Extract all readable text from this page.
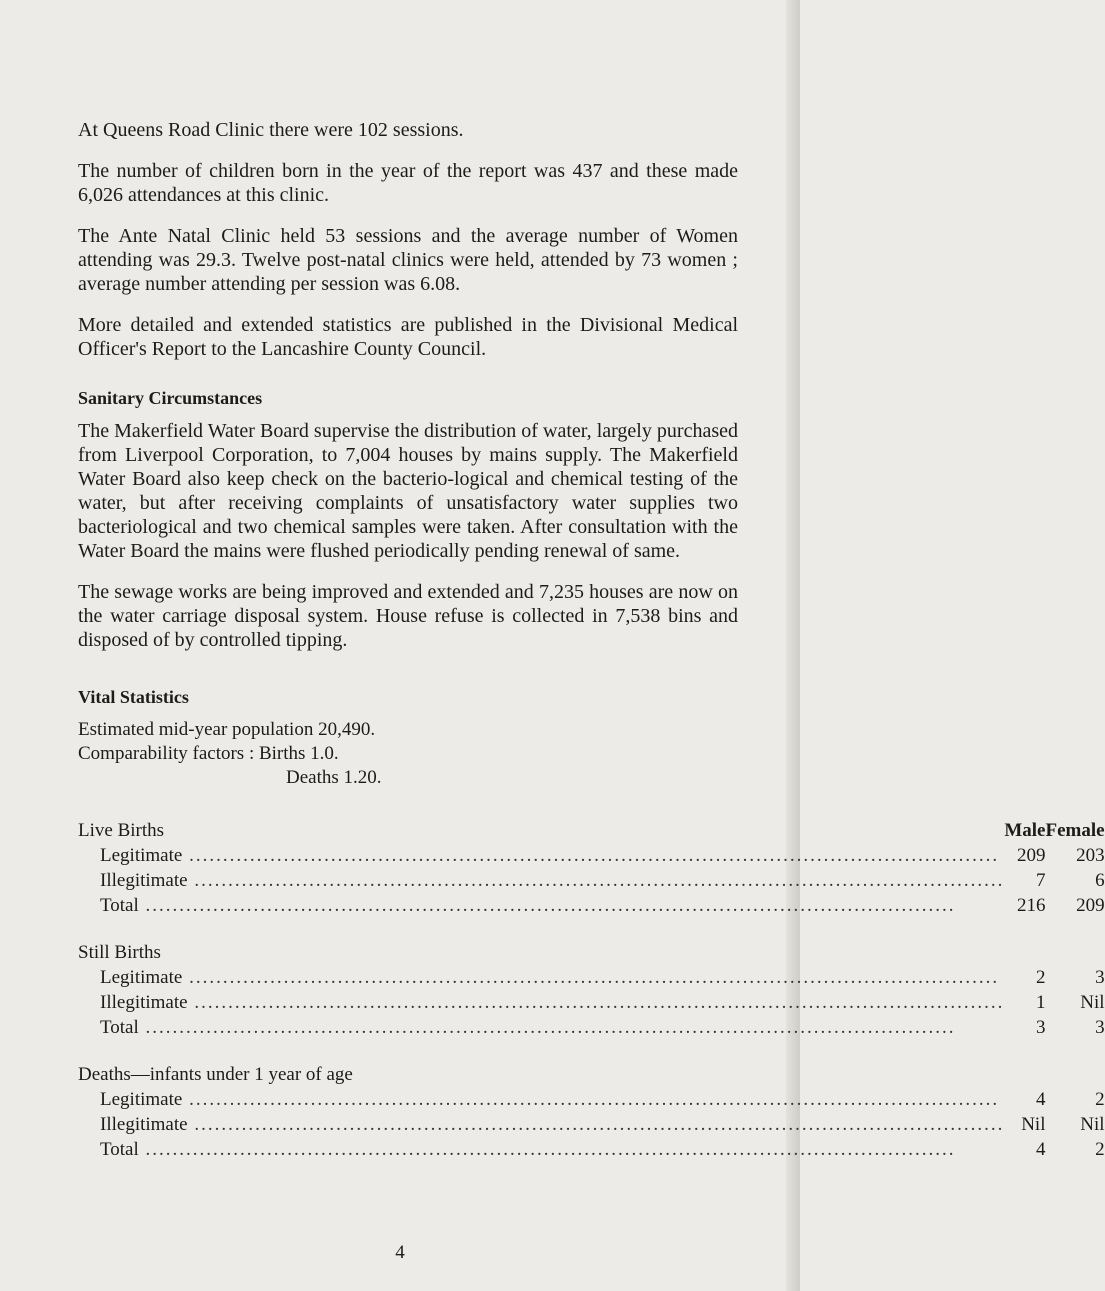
At Queens Road Clinic there were 102 sessions.

The number of children born in the year of the report was 437 and these made 6,026 attendances at this clinic.

The Ante Natal Clinic held 53 sessions and the average number of Women attending was 29.3. Twelve post-natal clinics were held, attended by 73 women ; average number attending per session was 6.08.

More detailed and extended statistics are published in the Divisional Medical Officer's Report to the Lancashire County Council.

Sanitary Circumstances

The Makerfield Water Board supervise the distribution of water, largely purchased from Liverpool Corporation, to 7,004 houses by mains supply. The Makerfield Water Board also keep check on the bacterio-logical and chemical testing of the water, but after receiving complaints of unsatisfactory water supplies two bacteriological and two chemical samples were taken. After consultation with the Water Board the mains were flushed periodically pending renewal of same.

The sewage works are being improved and extended and 7,235 houses are now on the water carriage disposal system. House refuse is collected in 7,538 bins and disposed of by controlled tipping.

Vital Statistics
Estimated mid-year population 20,490.
Comparability factors : Births 1.0.
Deaths 1.20.
Live Births	Male	Female
Legitimate ........................................................................................................................	209	203
Illegitimate ........................................................................................................................	7	6
Total ........................................................................................................................	216	209

Still Births		
Legitimate ........................................................................................................................	2	3
Illegitimate ........................................................................................................................	1	Nil
Total ........................................................................................................................	3	3

Deaths—infants under 1 year of age		
Legitimate ........................................................................................................................	4	2
Illegitimate ........................................................................................................................	Nil	Nil
Total ........................................................................................................................	4	2
4
